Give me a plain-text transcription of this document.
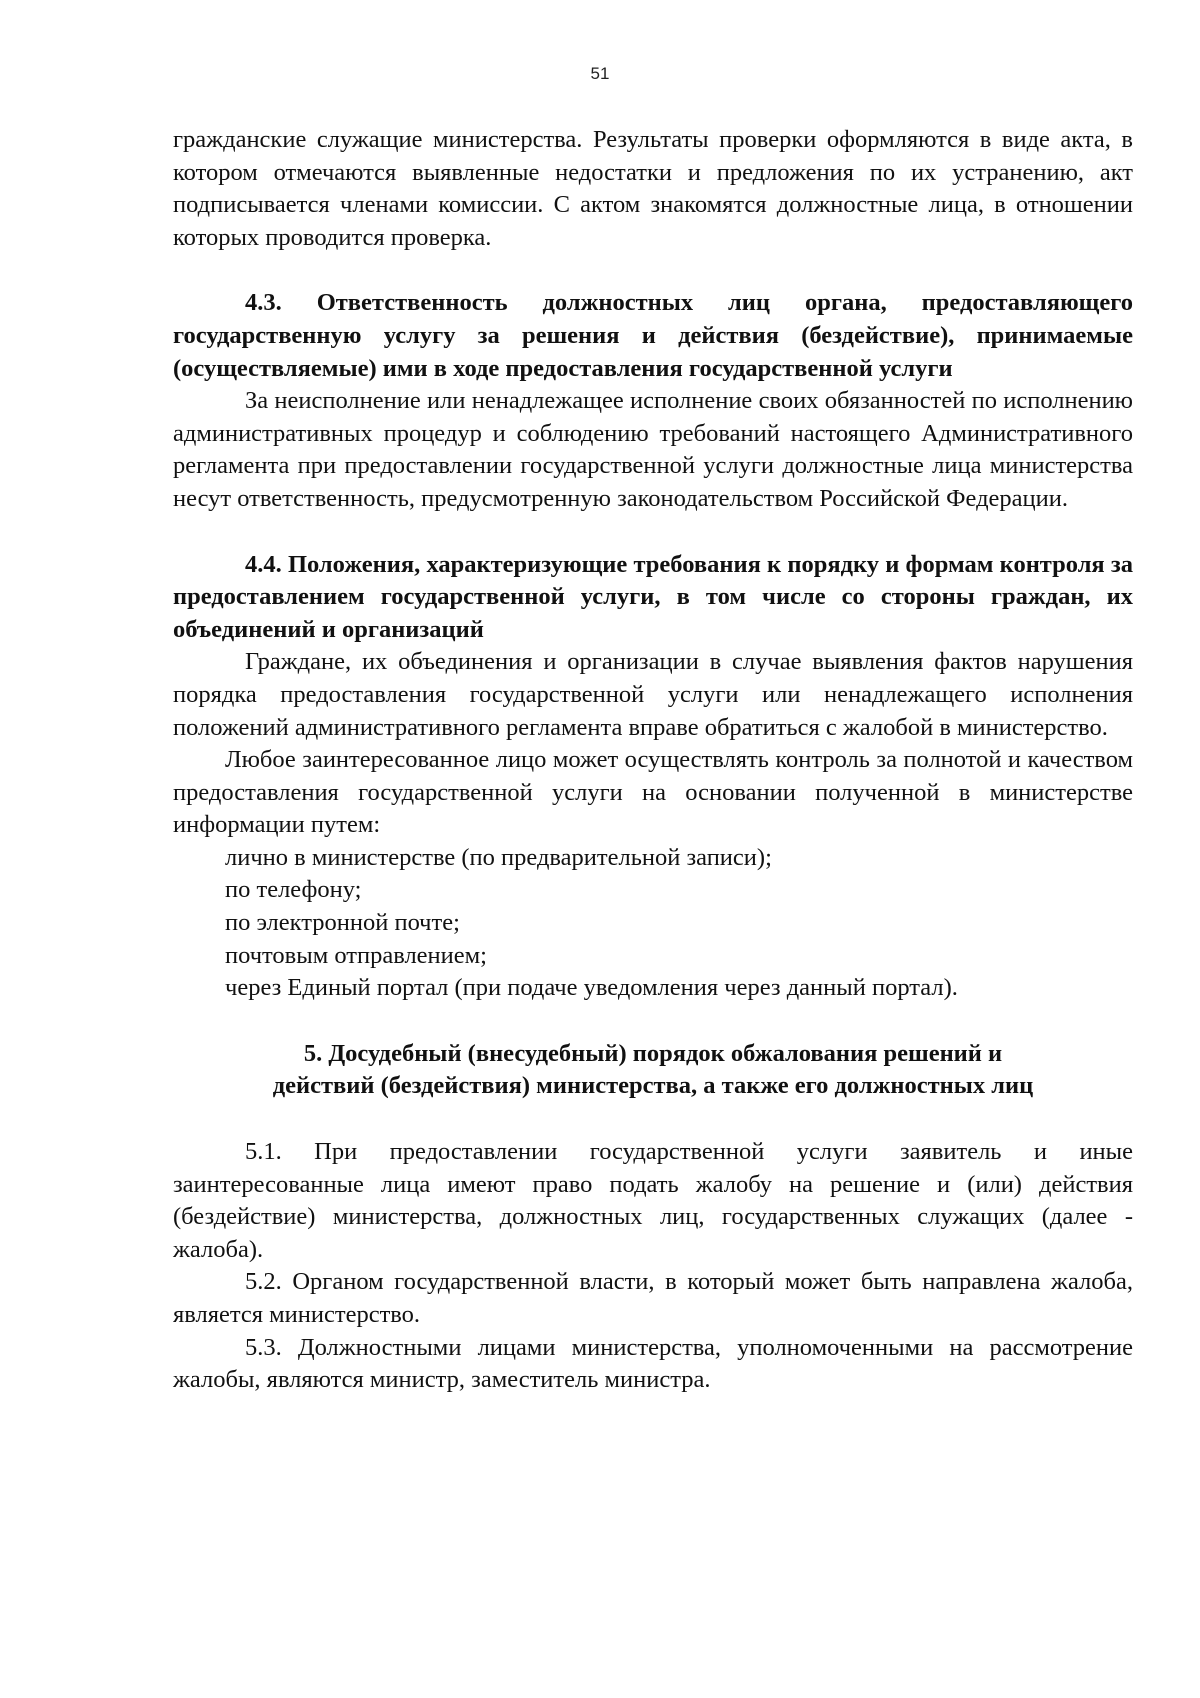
51

гражданские служащие министерства. Результаты проверки оформляются в виде акта, в котором отмечаются выявленные недостатки и предложения по их устранению, акт подписывается членами комиссии. С актом знакомятся должностные лица, в отношении которых проводится проверка.

4.3. Ответственность должностных лиц органа, предоставляющего государственную услугу за решения и действия (бездействие), принимаемые (осуществляемые) ими в ходе предоставления государственной услуги

За неисполнение или ненадлежащее исполнение своих обязанностей по исполнению административных процедур и соблюдению требований настоящего Административного регламента при предоставлении государственной услуги должностные лица министерства несут ответственность, предусмотренную законодательством Российской Федерации.

4.4. Положения, характеризующие требования к порядку и формам контроля за предоставлением государственной услуги, в том числе со стороны граждан, их объединений и организаций

Граждане, их объединения и организации в случае выявления фактов нарушения порядка предоставления государственной услуги или ненадлежащего исполнения положений административного регламента вправе обратиться с жалобой в министерство.

Любое заинтересованное лицо может осуществлять контроль за полнотой и качеством предоставления государственной услуги на основании полученной в министерстве информации путем:

лично в министерстве (по предварительной записи);

по телефону;

по электронной почте;

почтовым отправлением;

через Единый портал (при подаче уведомления через данный портал).

5. Досудебный (внесудебный) порядок обжалования решений и

действий (бездействия) министерства, а также его должностных лиц

5.1. При предоставлении государственной услуги заявитель и иные заинтересованные лица имеют право подать жалобу на решение и (или) действия (бездействие) министерства, должностных лиц, государственных служащих (далее - жалоба).

5.2. Органом государственной власти, в который может быть направлена жалоба, является министерство.

5.3. Должностными лицами министерства, уполномоченными на рассмотрение жалобы, являются министр, заместитель министра.
